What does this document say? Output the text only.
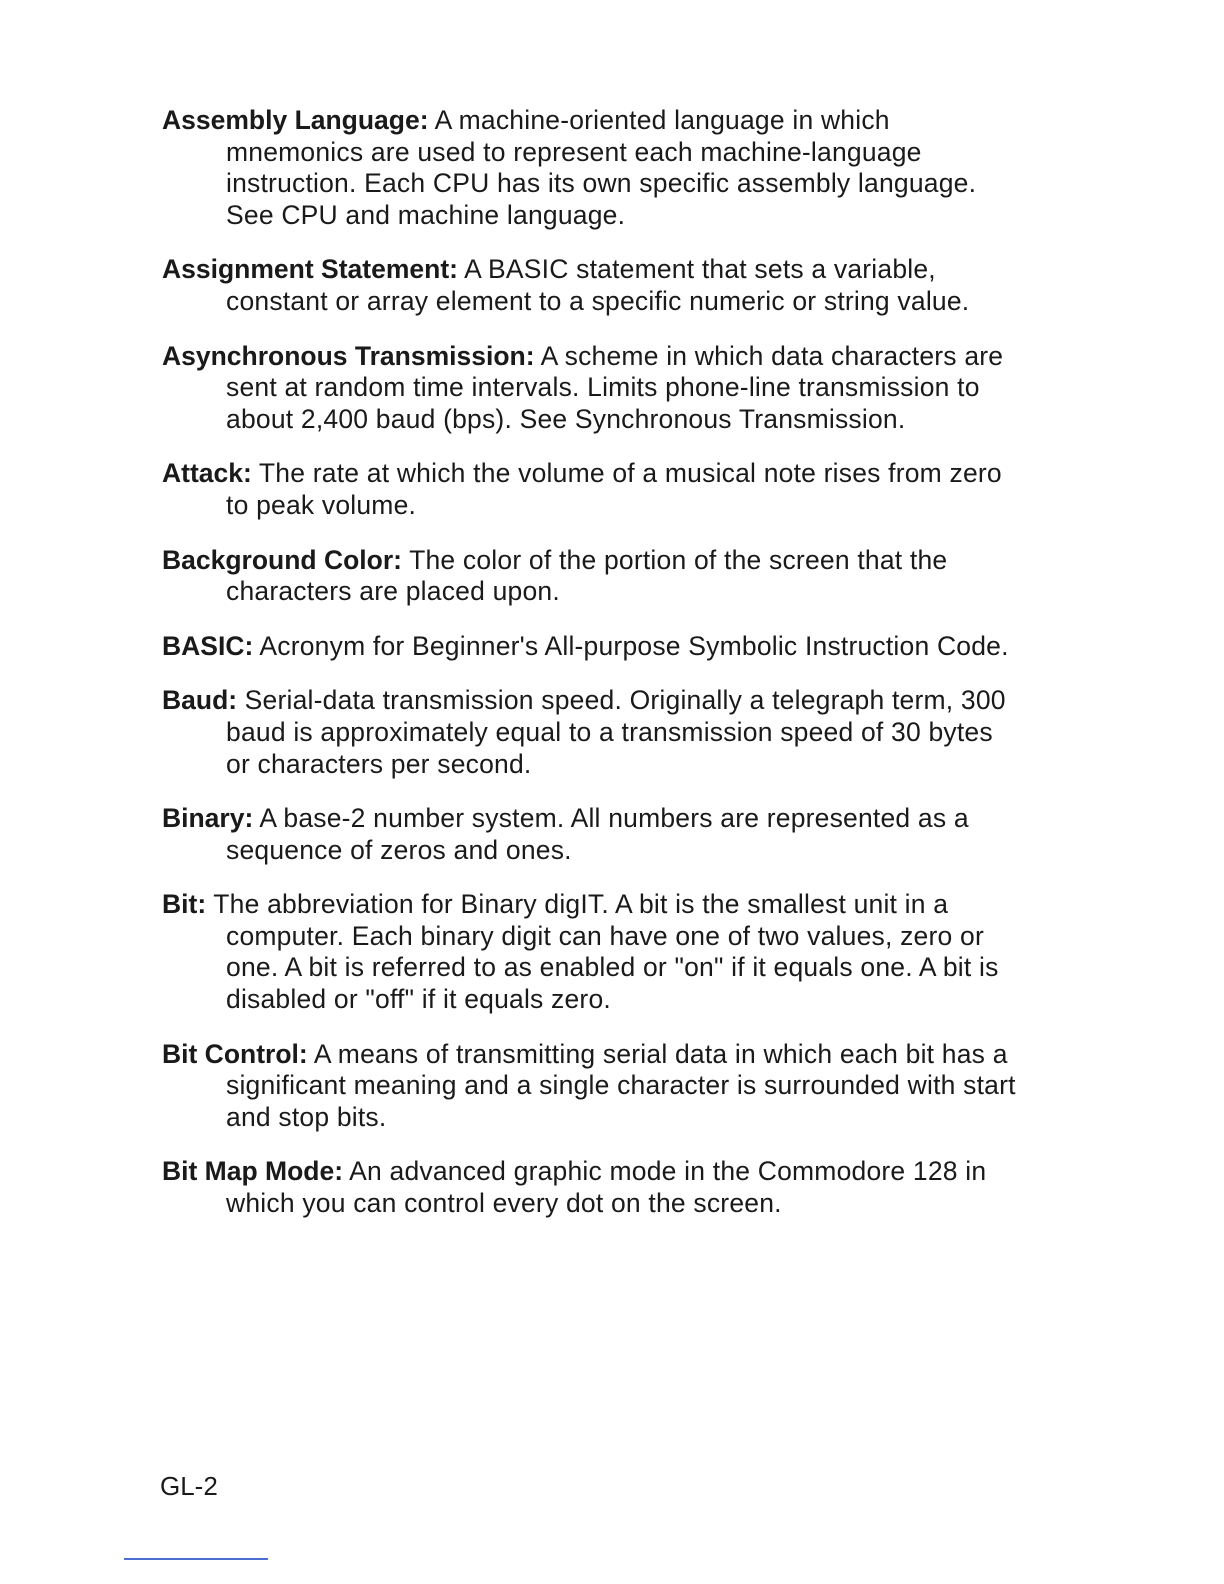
Assembly Language: A machine-oriented language in which mnemonics are used to represent each machine-language instruction. Each CPU has its own specific assembly language. See CPU and machine language.

Assignment Statement: A BASIC statement that sets a variable, constant or array element to a specific numeric or string value.

Asynchronous Transmission: A scheme in which data characters are sent at random time intervals. Limits phone-line transmission to about 2,400 baud (bps). See Synchronous Transmission.

Attack: The rate at which the volume of a musical note rises from zero to peak volume.

Background Color: The color of the portion of the screen that the characters are placed upon.

BASIC: Acronym for Beginner's All-purpose Symbolic Instruction Code.

Baud: Serial-data transmission speed. Originally a telegraph term, 300 baud is approximately equal to a transmission speed of 30 bytes or characters per second.

Binary: A base-2 number system. All numbers are represented as a sequence of zeros and ones.

Bit: The abbreviation for Binary digIT. A bit is the smallest unit in a computer. Each binary digit can have one of two values, zero or one. A bit is referred to as enabled or "on" if it equals one. A bit is disabled or "off" if it equals zero.

Bit Control: A means of transmitting serial data in which each bit has a significant meaning and a single character is surrounded with start and stop bits.

Bit Map Mode: An advanced graphic mode in the Commodore 128 in which you can control every dot on the screen.

GL-2
